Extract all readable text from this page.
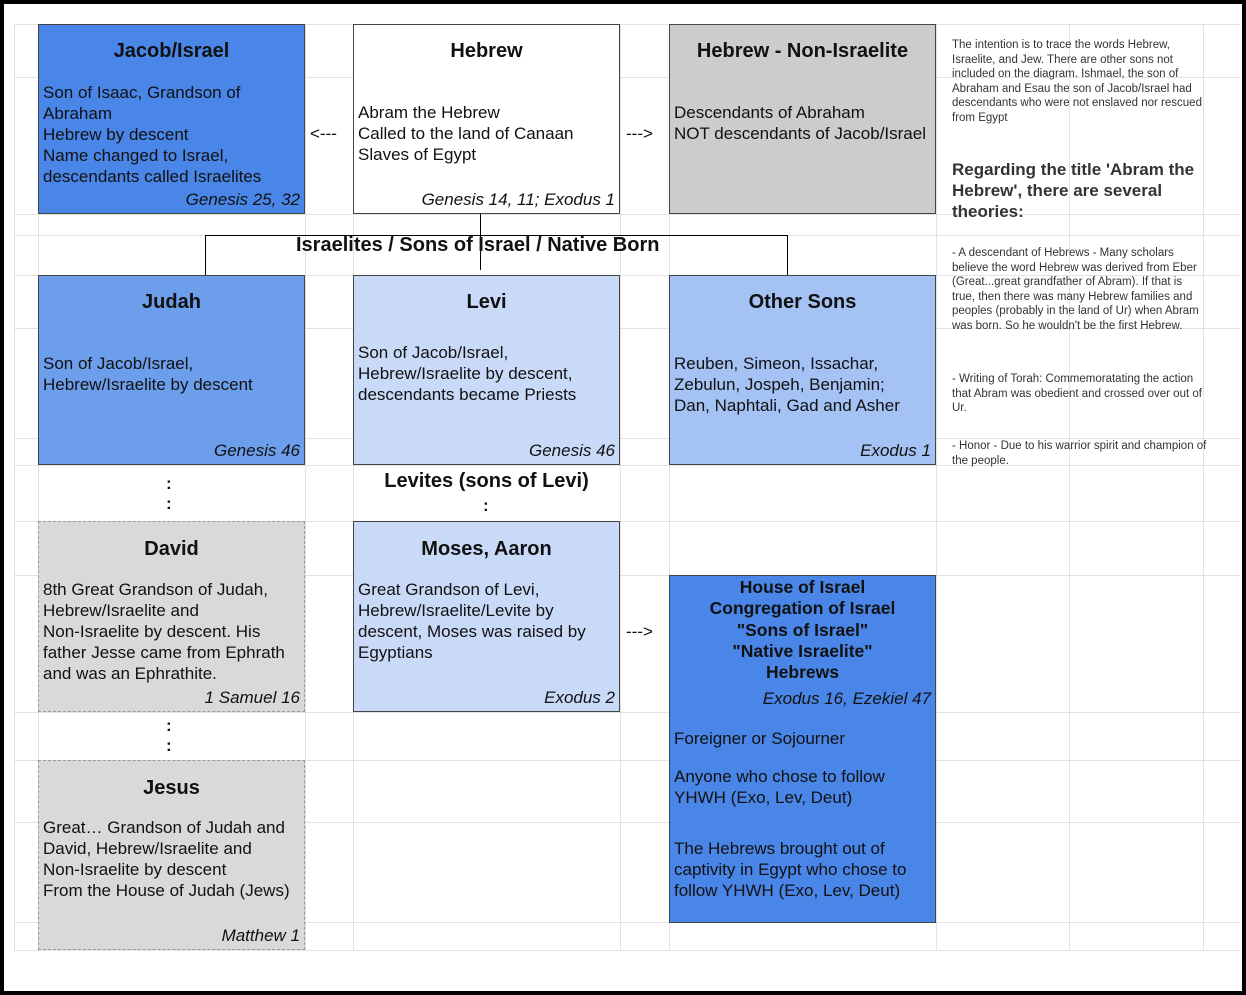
Jacob/Israel
Son of Isaac, Grandson of Abraham
Hebrew by descent
Name changed to Israel, descendants called Israelites
Genesis 25, 32
Hebrew
Abram the Hebrew
Called to the land of Canaan
Slaves of Egypt
Genesis 14, 11; Exodus 1
Hebrew - Non-Israelite
Descendants of Abraham
NOT descendants of Jacob/Israel
<---	--->
Israelites / Sons of Israel / Native Born
Judah
Son of Jacob/Israel,
Hebrew/Israelite by descent
Genesis 46
Levi
Son of Jacob/Israel,
Hebrew/Israelite by descent,
descendants became Priests
Genesis 46
Other Sons
Reuben, Simeon, Issachar,
Zebulun, Jospeh, Benjamin;
Dan, Naphtali, Gad and Asher
Exodus 1
:
:
Levites (sons of Levi)
:
David
8th Great Grandson of Judah,
Hebrew/Israelite and
Non-Israelite by descent. His father Jesse came from Ephrath and was an Ephrathite.
1 Samuel 16
Moses, Aaron
Great Grandson of Levi,
Hebrew/Israelite/Levite by descent, Moses was raised by Egyptians
Exodus 2
--->
House of Israel
Congregation of Israel
"Sons of Israel"
"Native Israelite"
Hebrews
Exodus 16, Ezekiel 47
Foreigner or Sojourner
Anyone who chose to follow YHWH (Exo, Lev, Deut)
The Hebrews brought out of captivity in Egypt who chose to follow YHWH (Exo, Lev, Deut)
:
:
Jesus
Great… Grandson of Judah and David, Hebrew/Israelite and
Non-Israelite by descent
From the House of Judah (Jews)
Matthew 1
The intention is to trace the words Hebrew, Israelite, and Jew. There are other sons not included on the diagram. Ishmael, the son of Abraham and Esau the son of Jacob/Israel had descendants who were not enslaved nor rescued from Egypt
Regarding the title 'Abram the Hebrew', there are several theories:
- A descendant of Hebrews - Many scholars believe the word Hebrew was derived from Eber (Great...great grandfather of Abram). If that is true, then there was many Hebrew families and peoples (probably in the land of Ur) when Abram was born. So he wouldn't be the first Hebrew.
- Writing of Torah: Commemoratating the action that Abram was obedient and crossed over out of Ur.
- Honor - Due to his warrior spirit and champion of the people.
